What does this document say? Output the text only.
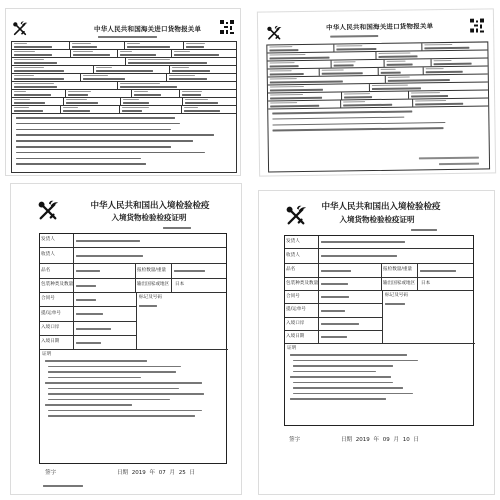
中华人民共和国海关进口货物报关单	中华人民共和国海关进口货物报关单
中华人民共和国出入境检验检疫
入境货物检验检疫证明
发货人
收货人
品名	报检数量/重量
包装种类及数量	输出国家或地区	日本
合同号
提/运单号
入境口岸
入境日期
标记及号码
证明
签字	日期 2019 年 07 月 25 日
中华人民共和国出入境检验检疫
入境货物检验检疫证明
发货人
收货人
品名	报检数量/重量
包装种类及数量	输出国家或地区	日本
合同号
提/运单号
入境口岸
入境日期
标记及号码
证明
签字	日期 2019 年 09 月 10 日
